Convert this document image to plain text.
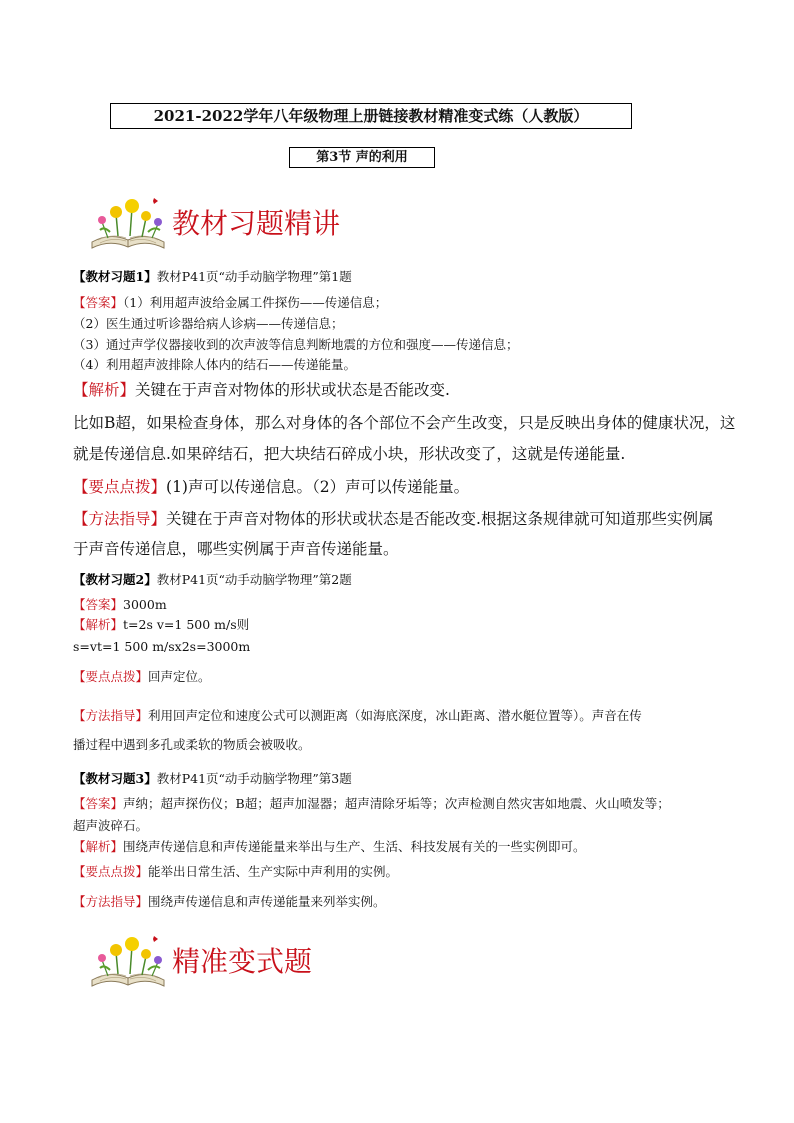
2021-2022学年八年级物理上册链接教材精准变式练（人教版）
第3节 声的利用
教材习题精讲
【教材习题1】教材P41页“动手动脑学物理”第1题
【答案】（1）利用超声波给金属工件探伤——传递信息；
（2）医生通过听诊器给病人诊病——传递信息；
（3）通过声学仪器接收到的次声波等信息判断地震的方位和强度——传递信息；
（4）利用超声波排除人体内的结石——传递能量。
【解析】关键在于声音对物体的形状或状态是否能改变.
比如B超，如果检查身体，那么对身体的各个部位不会产生改变，只是反映出身体的健康状况，这
就是传递信息.如果碎结石，把大块结石碎成小块，形状改变了，这就是传递能量.
【要点点拨】(1)声可以传递信息。（2）声可以传递能量。
【方法指导】关键在于声音对物体的形状或状态是否能改变.根据这条规律就可知道那些实例属
于声音传递信息，哪些实例属于声音传递能量。
【教材习题2】教材P41页“动手动脑学物理”第2题
【答案】3000m
【解析】t=2s v=1 500 m/s则
s=vt=1 500 m/sx2s=3000m
【要点点拨】回声定位。
【方法指导】利用回声定位和速度公式可以测距离（如海底深度，冰山距离、潜水艇位置等）。声音在传
播过程中遇到多孔或柔软的物质会被吸收。
【教材习题3】教材P41页“动手动脑学物理”第3题
【答案】声纳；超声探伤仪；B超；超声加湿器；超声清除牙垢等；次声检测自然灾害如地震、火山喷发等；
超声波碎石。
【解析】围绕声传递信息和声传递能量来举出与生产、生活、科技发展有关的一些实例即可。
【要点点拨】能举出日常生活、生产实际中声利用的实例。
【方法指导】围绕声传递信息和声传递能量来列举实例。
精准变式题
